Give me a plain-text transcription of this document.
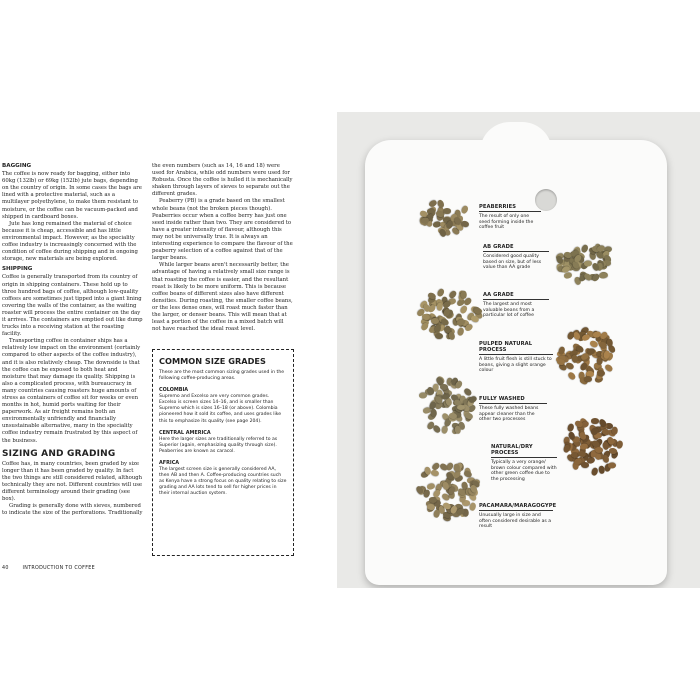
BAGGING

The coffee is now ready for bagging, either into 60kg (132lb) or 69kg (152lb) jute bags, depending on the country of origin. In some cases the bags are lined with a protective material, such as a multilayer polyethylene, to make them resistant to moisture, or the coffee can be vacuum-packed and shipped in cardboard boxes.

Jute has long remained the material of choice because it is cheap, accessible and has little environmental impact. However, as the speciality coffee industry is increasingly concerned with the condition of coffee during shipping and in ongoing storage, new materials are being explored.

SHIPPING

Coffee is generally transported from its country of origin in shipping containers. These hold up to three hundred bags of coffee, although low-quality coffees are sometimes just tipped into a giant lining covering the walls of the container, as the waiting roaster will process the entire container on the day it arrives. The containers are emptied out like dump trucks into a receiving station at the roasting facility.

Transporting coffee in container ships has a relatively low impact on the environment (certainly compared to other aspects of the coffee industry), and it is also relatively cheap. The downside is that the coffee can be exposed to both heat and moisture that may damage its quality. Shipping is also a complicated process, with bureaucracy in many countries causing roasters huge amounts of stress as containers of coffee sit for weeks or even months in hot, humid ports waiting for their paperwork. As air freight remains both an environmentally unfriendly and financially unsustainable alternative, many in the speciality coffee industry remain frustrated by this aspect of the business.

SIZING AND GRADING

Coffee has, in many countries, been graded by size longer than it has been graded by quality. In fact the two things are still considered related, although technically they are not. Different countries will use different terminology around their grading (see box).

Grading is generally done with sieves, numbered to indicate the size of the perforations. Traditionally

the even numbers (such as 14, 16 and 18) were used for Arabica, while odd numbers were used for Robusta. Once the coffee is hulled it is mechanically shaken through layers of sieves to separate out the different grades.

Peaberry (PB) is a grade based on the smallest whole beans (not the broken pieces though). Peaberries occur when a coffee berry has just one seed inside rather than two. They are considered to have a greater intensity of flavour, although this may not be universally true. It is always an interesting experience to compare the flavour of the peaberry selection of a coffee against that of the larger beans.

While larger beans aren't necessarily better, the advantage of having a relatively small size range is that roasting the coffee is easier, and the resultant roast is likely to be more uniform. This is because coffee beans of different sizes also have different densities. During roasting, the smaller coffee beans, or the less dense ones, will roast much faster than the larger, or denser beans. This will mean that at least a portion of the coffee in a mixed batch will not have reached the ideal roast level.

COMMON SIZE GRADES

These are the most common sizing grades used in the following coffee-producing areas.

COLOMBIA

Supremo and Excelso are very common grades. Excelso is screen sizes 14–16, and is smaller than Supremo which is sizes 16–18 (or above). Colombia pioneered how it sold its coffee, and uses grades like this to emphasize its quality (see page 204).

CENTRAL AMERICA

Here the larger sizes are traditionally referred to as Superior (again, emphasizing quality through size). Peaberries are known as caracol.

AFRICA

The largest screen size is generally considered AA, then AB and then A. Coffee-producing countries such as Kenya have a strong focus on quality relating to size grading and AA lots tend to sell for higher prices in their internal auction system.

40	INTRODUCTION TO COFFEE
PEABERRIES
The result of only one seed forming inside the coffee fruit
AB GRADE
Considered good quality based on size, but of less value than AA grade
AA GRADE
The largest and most valuable beans from a particular lot of coffee
PULPED NATURAL PROCESS
A little fruit flesh is still stuck to beans, giving a slight orange colour
FULLY WASHED
These fully washed beans appear cleaner than the other two processes
NATURAL/DRY PROCESS
Typically a very orange/ brown colour compared with other green coffee due to the processing
PACAMARA/MARAGOGYPE
Unusually large in size and often considered desirable as a result
